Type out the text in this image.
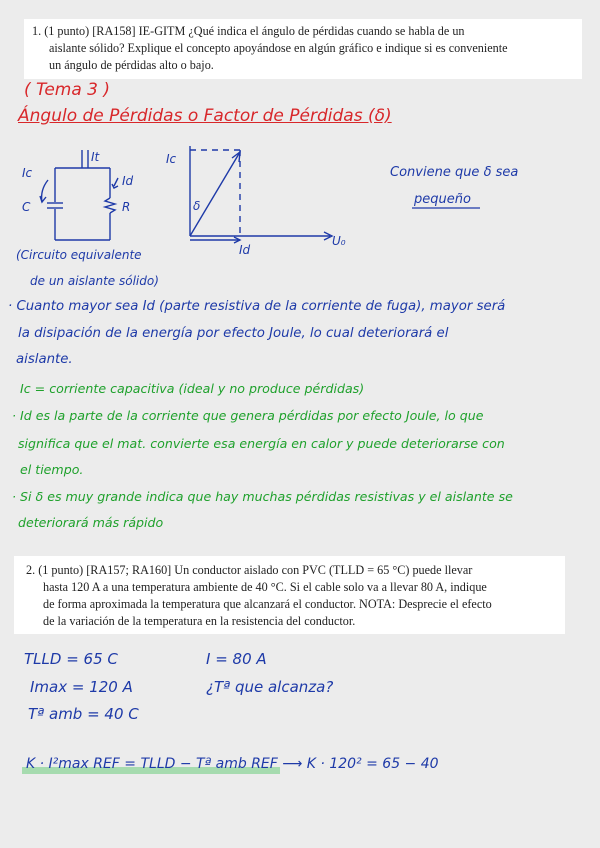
1. (1 punto) [RA158] IE-GITM ¿Qué indica el ángulo de pérdidas cuando se habla de un

aislante sólido? Explique el concepto apoyándose en algún gráfico e indique si es conveniente

un ángulo de pérdidas alto o bajo.

( Tema 3 )
Ángulo de Pérdidas o Factor de Pérdidas (δ)
It
Ic
Id
C	R
(Circuito equivalente
de un aislante sólido)
Ic
δ
Id
U₀
Conviene que δ sea
pequeño
· Cuanto mayor sea Id (parte resistiva de la corriente de fuga), mayor será
la disipación de la energía por efecto Joule, lo cual deteriorará el
aislante.
Ic = corriente capacitiva (ideal y no produce pérdidas)
· Id es la parte de la corriente que genera pérdidas por efecto Joule, lo que
significa que el mat. convierte esa energía en calor y puede deteriorarse con
el tiempo.
· Si δ es muy grande indica que hay muchas pérdidas resistivas y el aislante se
deteriorará más rápido

2. (1 punto) [RA157; RA160] Un conductor aislado con PVC (TLLD = 65 °C) puede llevar

hasta 120 A a una temperatura ambiente de 40 °C. Si el cable solo va a llevar 80 A, indique

de forma aproximada la temperatura que alcanzará el conductor. NOTA: Desprecie el efecto

de la variación de la temperatura en la resistencia del conductor.

TLLD = 65 C
Imax = 120 A
Tª amb = 40 C
I = 80 A
¿Tª que alcanza?
K · I²max REF = TLLD − Tª amb REF ⟶ K · 120² = 65 − 40
